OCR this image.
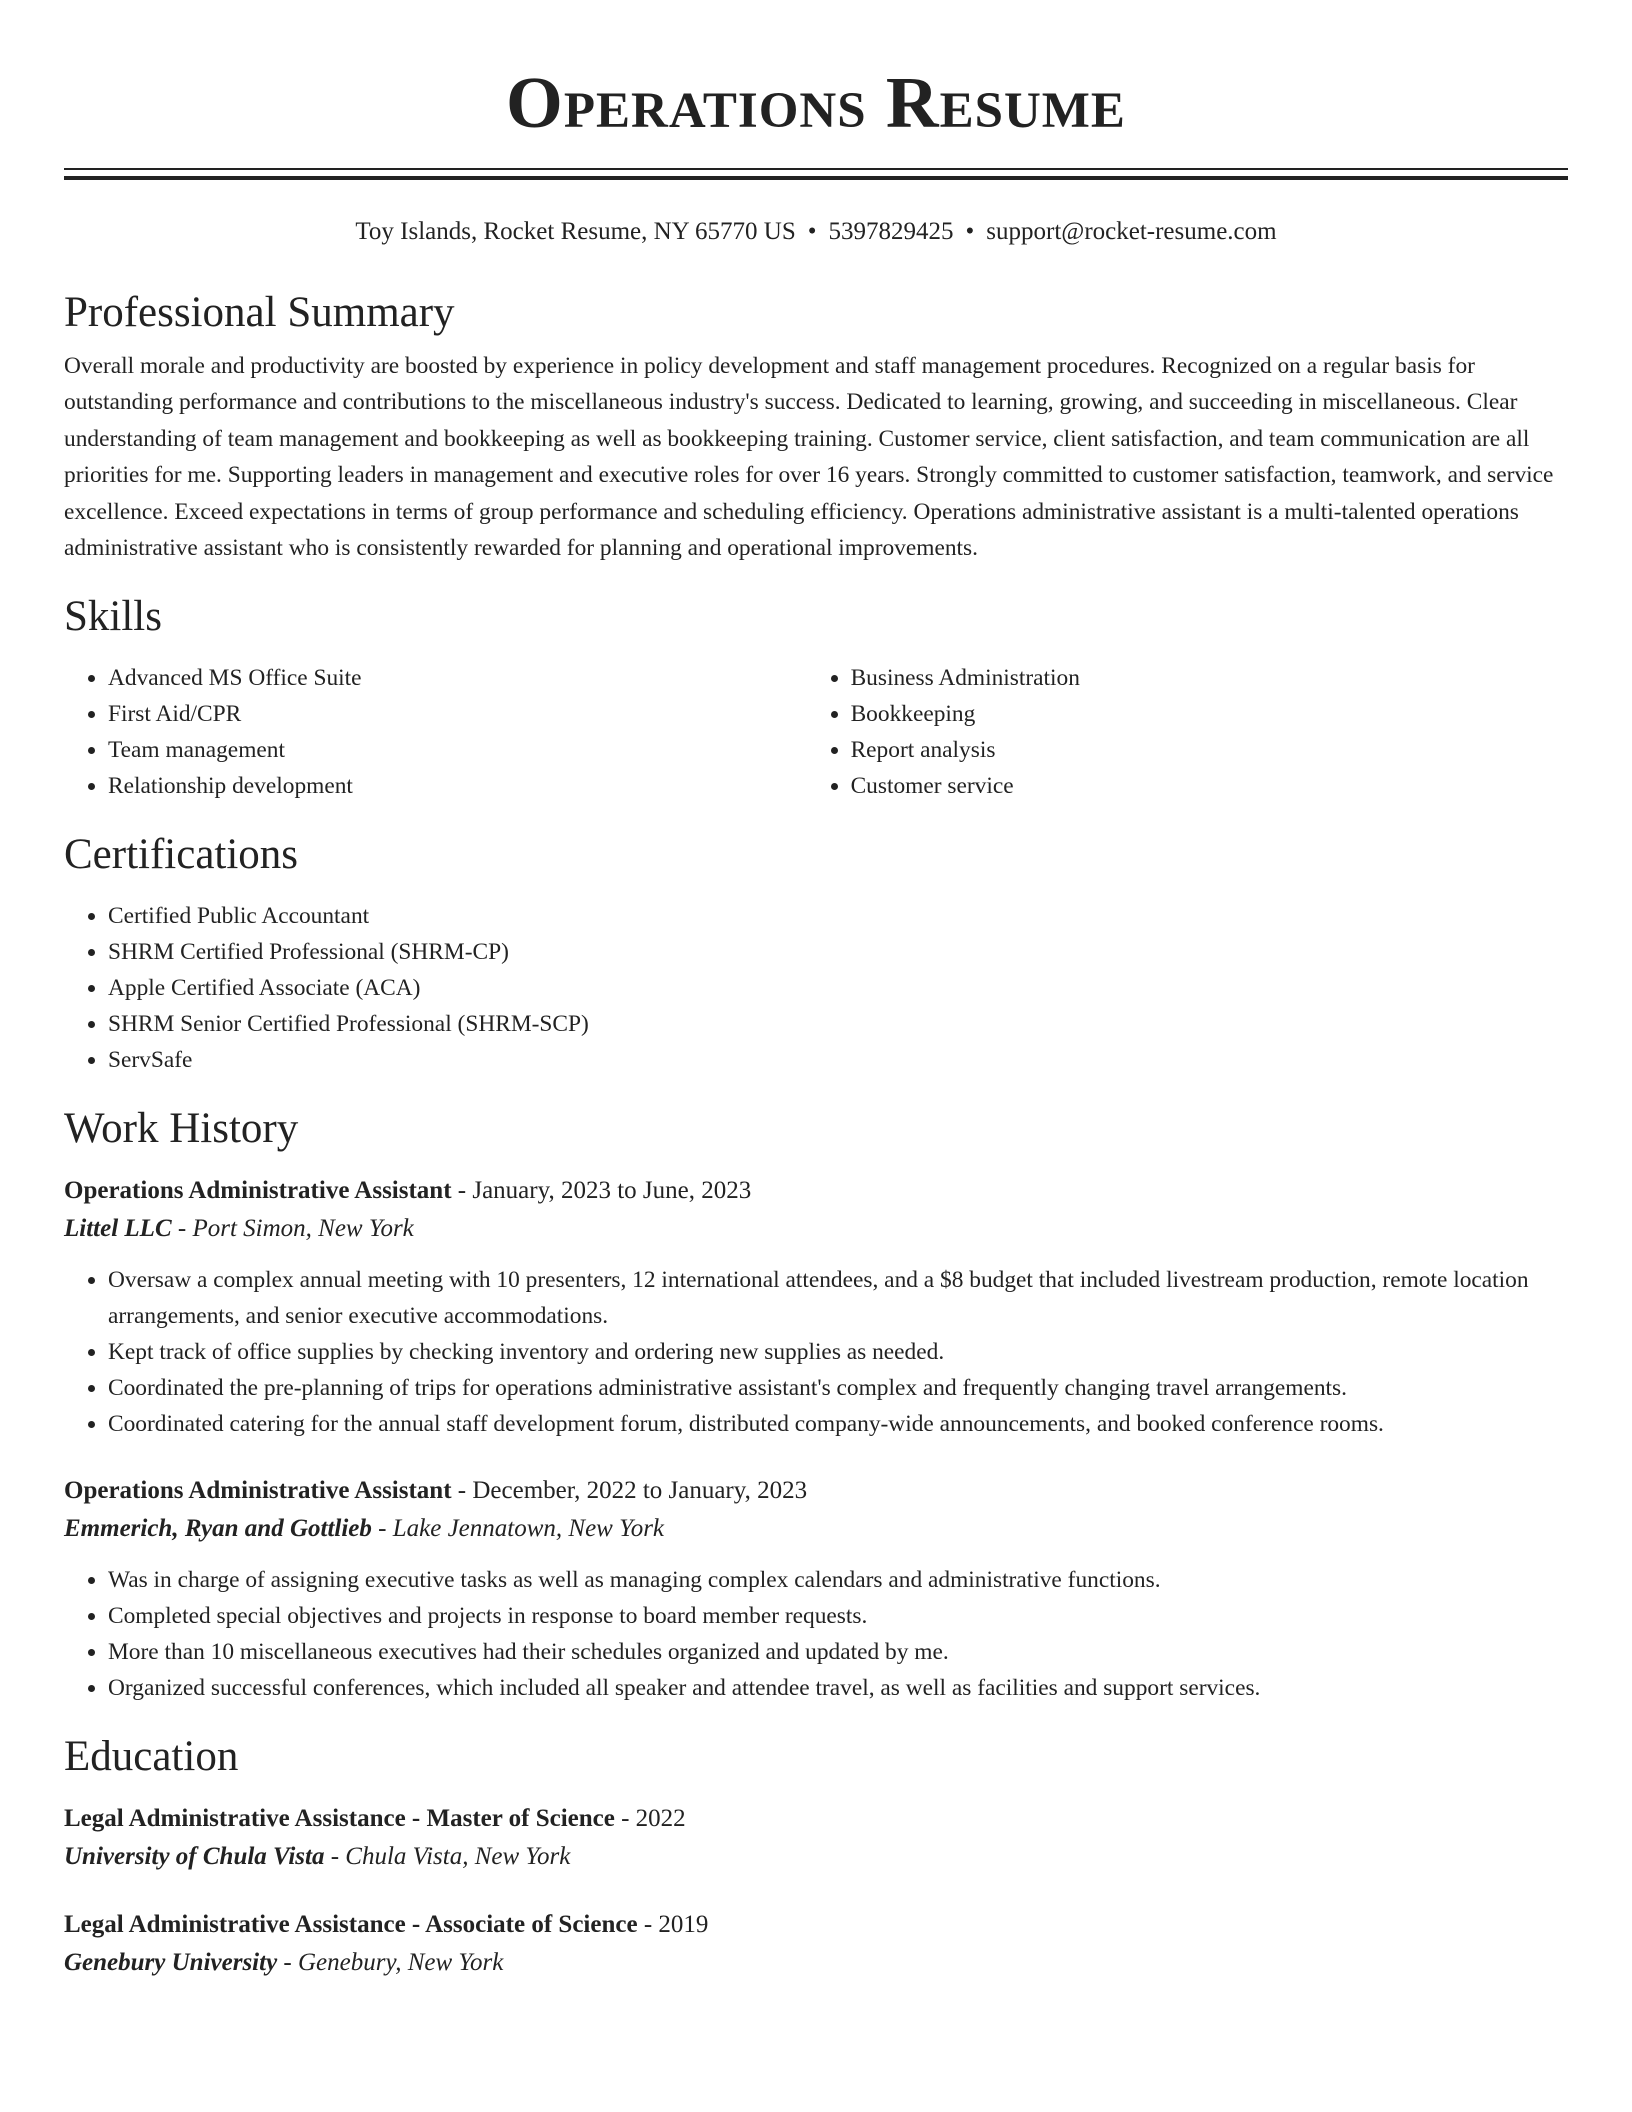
Operations Resume
Toy Islands, Rocket Resume, NY 65770 US • 5397829425 • support@rocket-resume.com
Professional Summary
Overall morale and productivity are boosted by experience in policy development and staff management procedures. Recognized on a regular basis for outstanding performance and contributions to the miscellaneous industry's success. Dedicated to learning, growing, and succeeding in miscellaneous. Clear understanding of team management and bookkeeping as well as bookkeeping training. Customer service, client satisfaction, and team communication are all priorities for me. Supporting leaders in management and executive roles for over 16 years. Strongly committed to customer satisfaction, teamwork, and service excellence. Exceed expectations in terms of group performance and scheduling efficiency. Operations administrative assistant is a multi-talented operations administrative assistant who is consistently rewarded for planning and operational improvements.
Skills
• Advanced MS Office Suite
• First Aid/CPR
• Team management
• Relationship development
• Business Administration
• Bookkeeping
• Report analysis
• Customer service
Certifications
• Certified Public Accountant
• SHRM Certified Professional (SHRM-CP)
• Apple Certified Associate (ACA)
• SHRM Senior Certified Professional (SHRM-SCP)
• ServSafe
Work History
Operations Administrative Assistant - January, 2023 to June, 2023
Littel LLC - Port Simon, New York
• Oversaw a complex annual meeting with 10 presenters, 12 international attendees, and a $8 budget that included livestream production, remote location arrangements, and senior executive accommodations.
• Kept track of office supplies by checking inventory and ordering new supplies as needed.
• Coordinated the pre-planning of trips for operations administrative assistant's complex and frequently changing travel arrangements.
• Coordinated catering for the annual staff development forum, distributed company-wide announcements, and booked conference rooms.
Operations Administrative Assistant - December, 2022 to January, 2023
Emmerich, Ryan and Gottlieb - Lake Jennatown, New York
• Was in charge of assigning executive tasks as well as managing complex calendars and administrative functions.
• Completed special objectives and projects in response to board member requests.
• More than 10 miscellaneous executives had their schedules organized and updated by me.
• Organized successful conferences, which included all speaker and attendee travel, as well as facilities and support services.
Education
Legal Administrative Assistance - Master of Science - 2022
University of Chula Vista - Chula Vista, New York
Legal Administrative Assistance - Associate of Science - 2019
Genebury University - Genebury, New York
